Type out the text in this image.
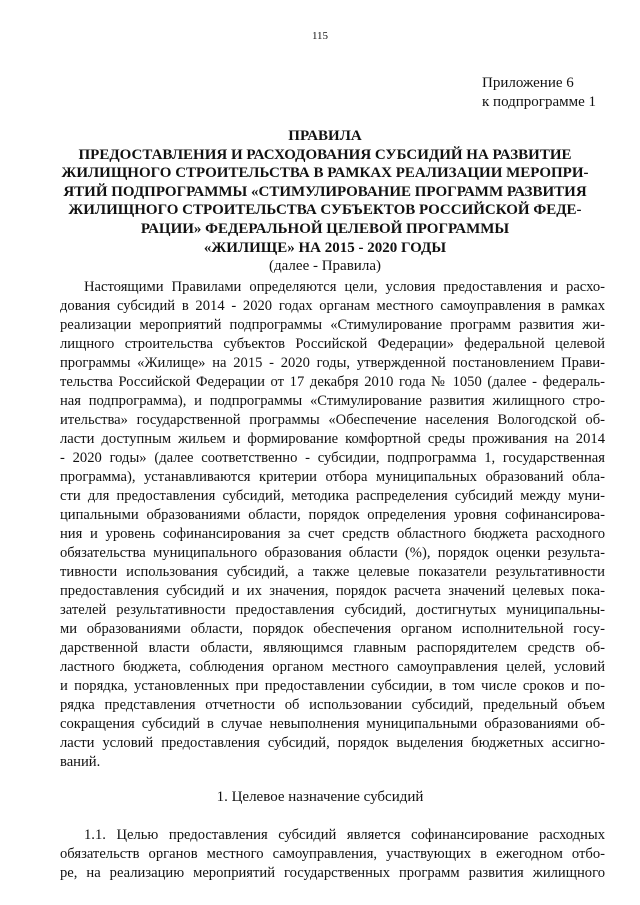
115
Приложение 6
к подпрограмме 1
ПРАВИЛА
ПРЕДОСТАВЛЕНИЯ И РАСХОДОВАНИЯ СУБСИДИЙ НА РАЗВИТИЕ
ЖИЛИЩНОГО СТРОИТЕЛЬСТВА В РАМКАХ РЕАЛИЗАЦИИ МЕРОПРИ-
ЯТИЙ ПОДПРОГРАММЫ «СТИМУЛИРОВАНИЕ ПРОГРАММ РАЗВИТИЯ
ЖИЛИЩНОГО СТРОИТЕЛЬСТВА СУБЪЕКТОВ РОССИЙСКОЙ ФЕДЕ-
РАЦИИ» ФЕДЕРАЛЬНОЙ ЦЕЛЕВОЙ ПРОГРАММЫ
«ЖИЛИЩЕ» НА 2015 - 2020 ГОДЫ
(далее - Правила)
Настоящими Правилами определяются цели, условия предоставления и расхо-
дования субсидий в 2014 - 2020 годах органам местного самоуправления в рамках
реализации мероприятий подпрограммы «Стимулирование программ развития жи-
лищного строительства субъектов Российской Федерации» федеральной целевой
программы «Жилище» на 2015 - 2020 годы, утвержденной постановлением Прави-
тельства Российской Федерации от 17 декабря 2010 года № 1050 (далее - федераль-
ная подпрограмма), и подпрограммы «Стимулирование развития жилищного стро-
ительства» государственной программы «Обеспечение населения Вологодской об-
ласти доступным жильем и формирование комфортной среды проживания на 2014
- 2020 годы» (далее соответственно - субсидии, подпрограмма 1, государственная
программа), устанавливаются критерии отбора муниципальных образований обла-
сти для предоставления субсидий, методика распределения субсидий между муни-
ципальными образованиями области, порядок определения уровня софинансирова-
ния и уровень софинансирования за счет средств областного бюджета расходного
обязательства муниципального образования области (%), порядок оценки результа-
тивности использования субсидий, а также целевые показатели результативности
предоставления субсидий и их значения, порядок расчета значений целевых пока-
зателей результативности предоставления субсидий, достигнутых муниципальны-
ми образованиями области, порядок обеспечения органом исполнительной госу-
дарственной власти области, являющимся главным распорядителем средств об-
ластного бюджета, соблюдения органом местного самоуправления целей, условий
и порядка, установленных при предоставлении субсидии, в том числе сроков и по-
рядка представления отчетности об использовании субсидий, предельный объем
сокращения субсидий в случае невыполнения муниципальными образованиями об-
ласти условий предоставления субсидий, порядок выделения бюджетных ассигно-
ваний.
1. Целевое назначение субсидий
1.1. Целью предоставления субсидий является софинансирование расходных
обязательств органов местного самоуправления, участвующих в ежегодном отбо-
ре, на реализацию мероприятий государственных программ развития жилищного
